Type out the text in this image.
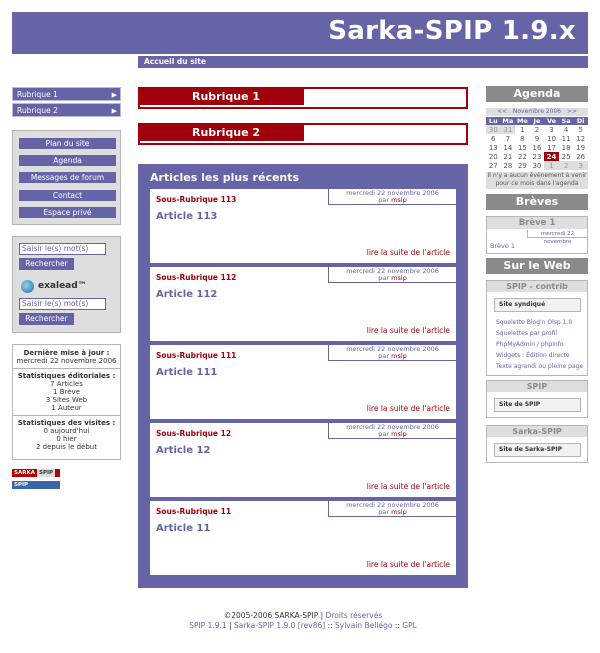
Sarka-SPIP 1.9.x
Accueil du site
Rubrique 1	▶
Rubrique 2	▶
Plan du site
Agenda
Messages de forum
Contact
Espace privé
Saisir le(s) mot(s)
Rechercher
exalead™
Saisir le(s) mot(s)
Rechercher
Dernière mise à jour :
mercredi 22 novembre 2006
Statistiques éditoriales :
7 Articles
1 Brève
3 Sites Web
1 Auteur
Statistiques des visites :
0 aujourd'hui
0 hier
2 depuis le début
SARKA SPIP
SPIPPOWERED
Rubrique 1
Rubrique 2
Articles les plus récents
Sous-Rubrique 113
mercredi 22 novembre 2006
par mslp
Article 113
lire la suite de l'article
Sous-Rubrique 112
mercredi 22 novembre 2006
par mslp
Article 112
lire la suite de l'article
Sous-Rubrique 111
mercredi 22 novembre 2006
par mslp
Article 111
lire la suite de l'article
Sous-Rubrique 12
mercredi 22 novembre 2006
par mslp
Article 12
lire la suite de l'article
Sous-Rubrique 11
mercredi 22 novembre 2006
par mslp
Article 11
lire la suite de l'article
Agenda
<< Novembre 2006 >>
Lu	Ma	Me	Je	Ve	Sa	Di
30	31	1	2	3	4	5
6	7	8	9	10	11	12
13	14	15	16	17	18	19
20	21	22	23	24	25	26
27	28	29	30	1	2	3
Il n'y a aucun évènement à venir pour ce mois dans l'agenda
Brèves
Brève 1
mercredi 22 novembre
Brève 1
Sur le Web
SPIP - contrib
Site syndiqué
Squelette Blog'n Olsp 1.0
Squelettes par profil
PhpMyAdmin / phpinfo
Widgets : Édition directe
Texte agrandi ou pleine page
SPIP
Site de SPIP
Sarka-SPIP
Site de Sarka-SPIP
©2005-2006 SARKA-SPIP | Droits réservés
SPIP 1.9.1 | Sarka-SPIP 1.9.0 [rev86] :: Sylvain Bellégo :: GPL
